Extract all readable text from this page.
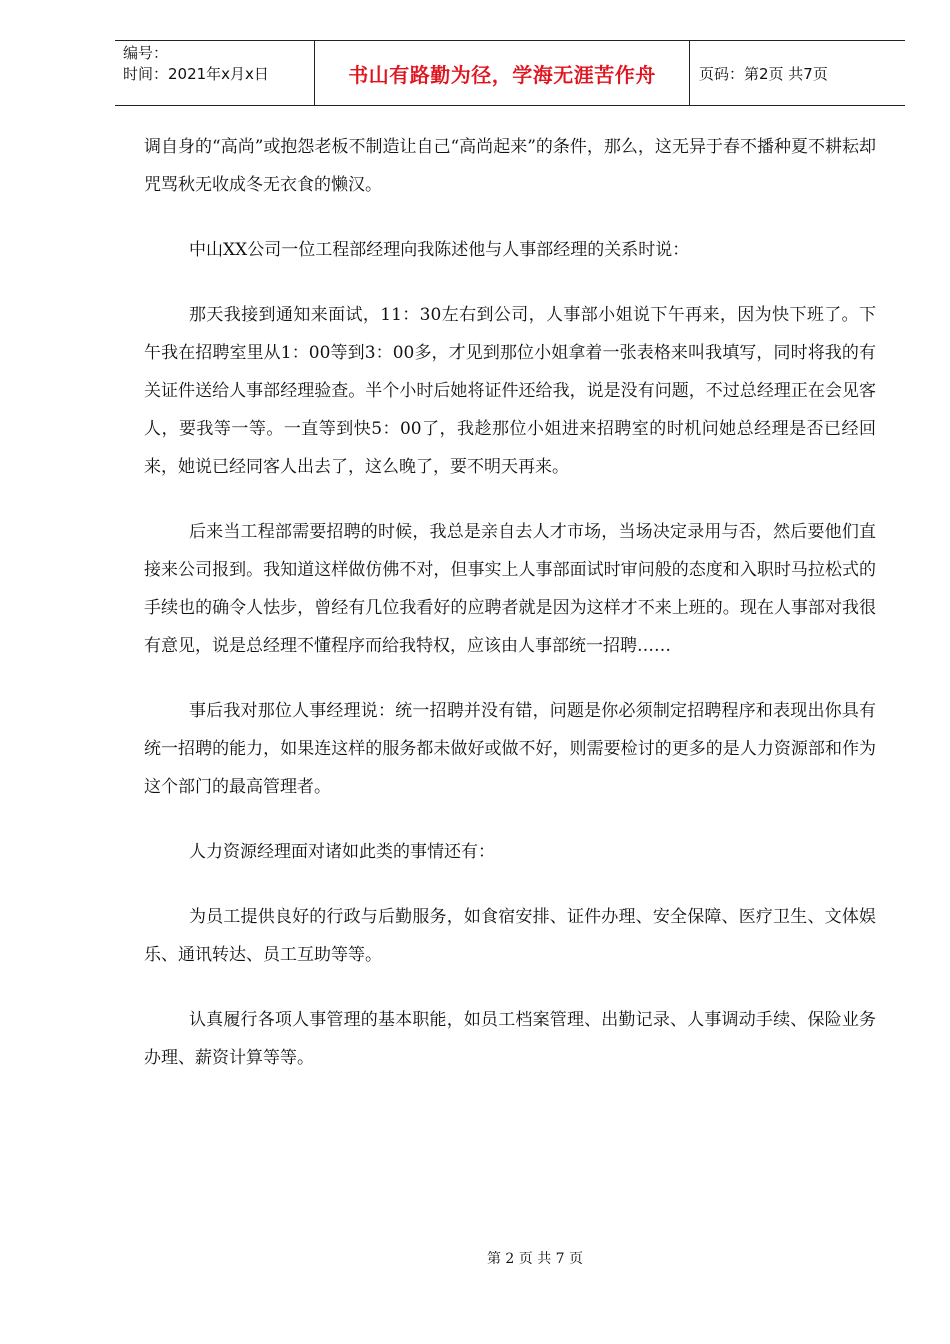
编号：
时间：2021年x月x日	书山有路勤为径，学海无涯苦作舟	页码：第2页 共7页

调自身的“高尚”或抱怨老板不制造让自己“高尚起来”的条件，那么，这无异于春不播种夏不耕耘却咒骂秋无收成冬无衣食的懒汉。

中山XX公司一位工程部经理向我陈述他与人事部经理的关系时说：

那天我接到通知来面试，11：30左右到公司，人事部小姐说下午再来，因为快下班了。下午我在招聘室里从1：00等到3：00多，才见到那位小姐拿着一张表格来叫我填写，同时将我的有关证件送给人事部经理验查。半个小时后她将证件还给我，说是没有问题，不过总经理正在会见客人，要我等一等。一直等到快5：00了，我趁那位小姐进来招聘室的时机问她总经理是否已经回来，她说已经同客人出去了，这么晚了，要不明天再来。

后来当工程部需要招聘的时候，我总是亲自去人才市场，当场决定录用与否，然后要他们直接来公司报到。我知道这样做仿佛不对，但事实上人事部面试时审问般的态度和入职时马拉松式的手续也的确令人怯步，曾经有几位我看好的应聘者就是因为这样才不来上班的。现在人事部对我很有意见，说是总经理不懂程序而给我特权，应该由人事部统一招聘……

事后我对那位人事经理说：统一招聘并没有错，问题是你必须制定招聘程序和表现出你具有统一招聘的能力，如果连这样的服务都未做好或做不好，则需要检讨的更多的是人力资源部和作为这个部门的最高管理者。

人力资源经理面对诸如此类的事情还有：

为员工提供良好的行政与后勤服务，如食宿安排、证件办理、安全保障、医疗卫生、文体娱乐、通讯转达、员工互助等等。

认真履行各项人事管理的基本职能，如员工档案管理、出勤记录、人事调动手续、保险业务办理、薪资计算等等。

第 2 页 共 7 页
